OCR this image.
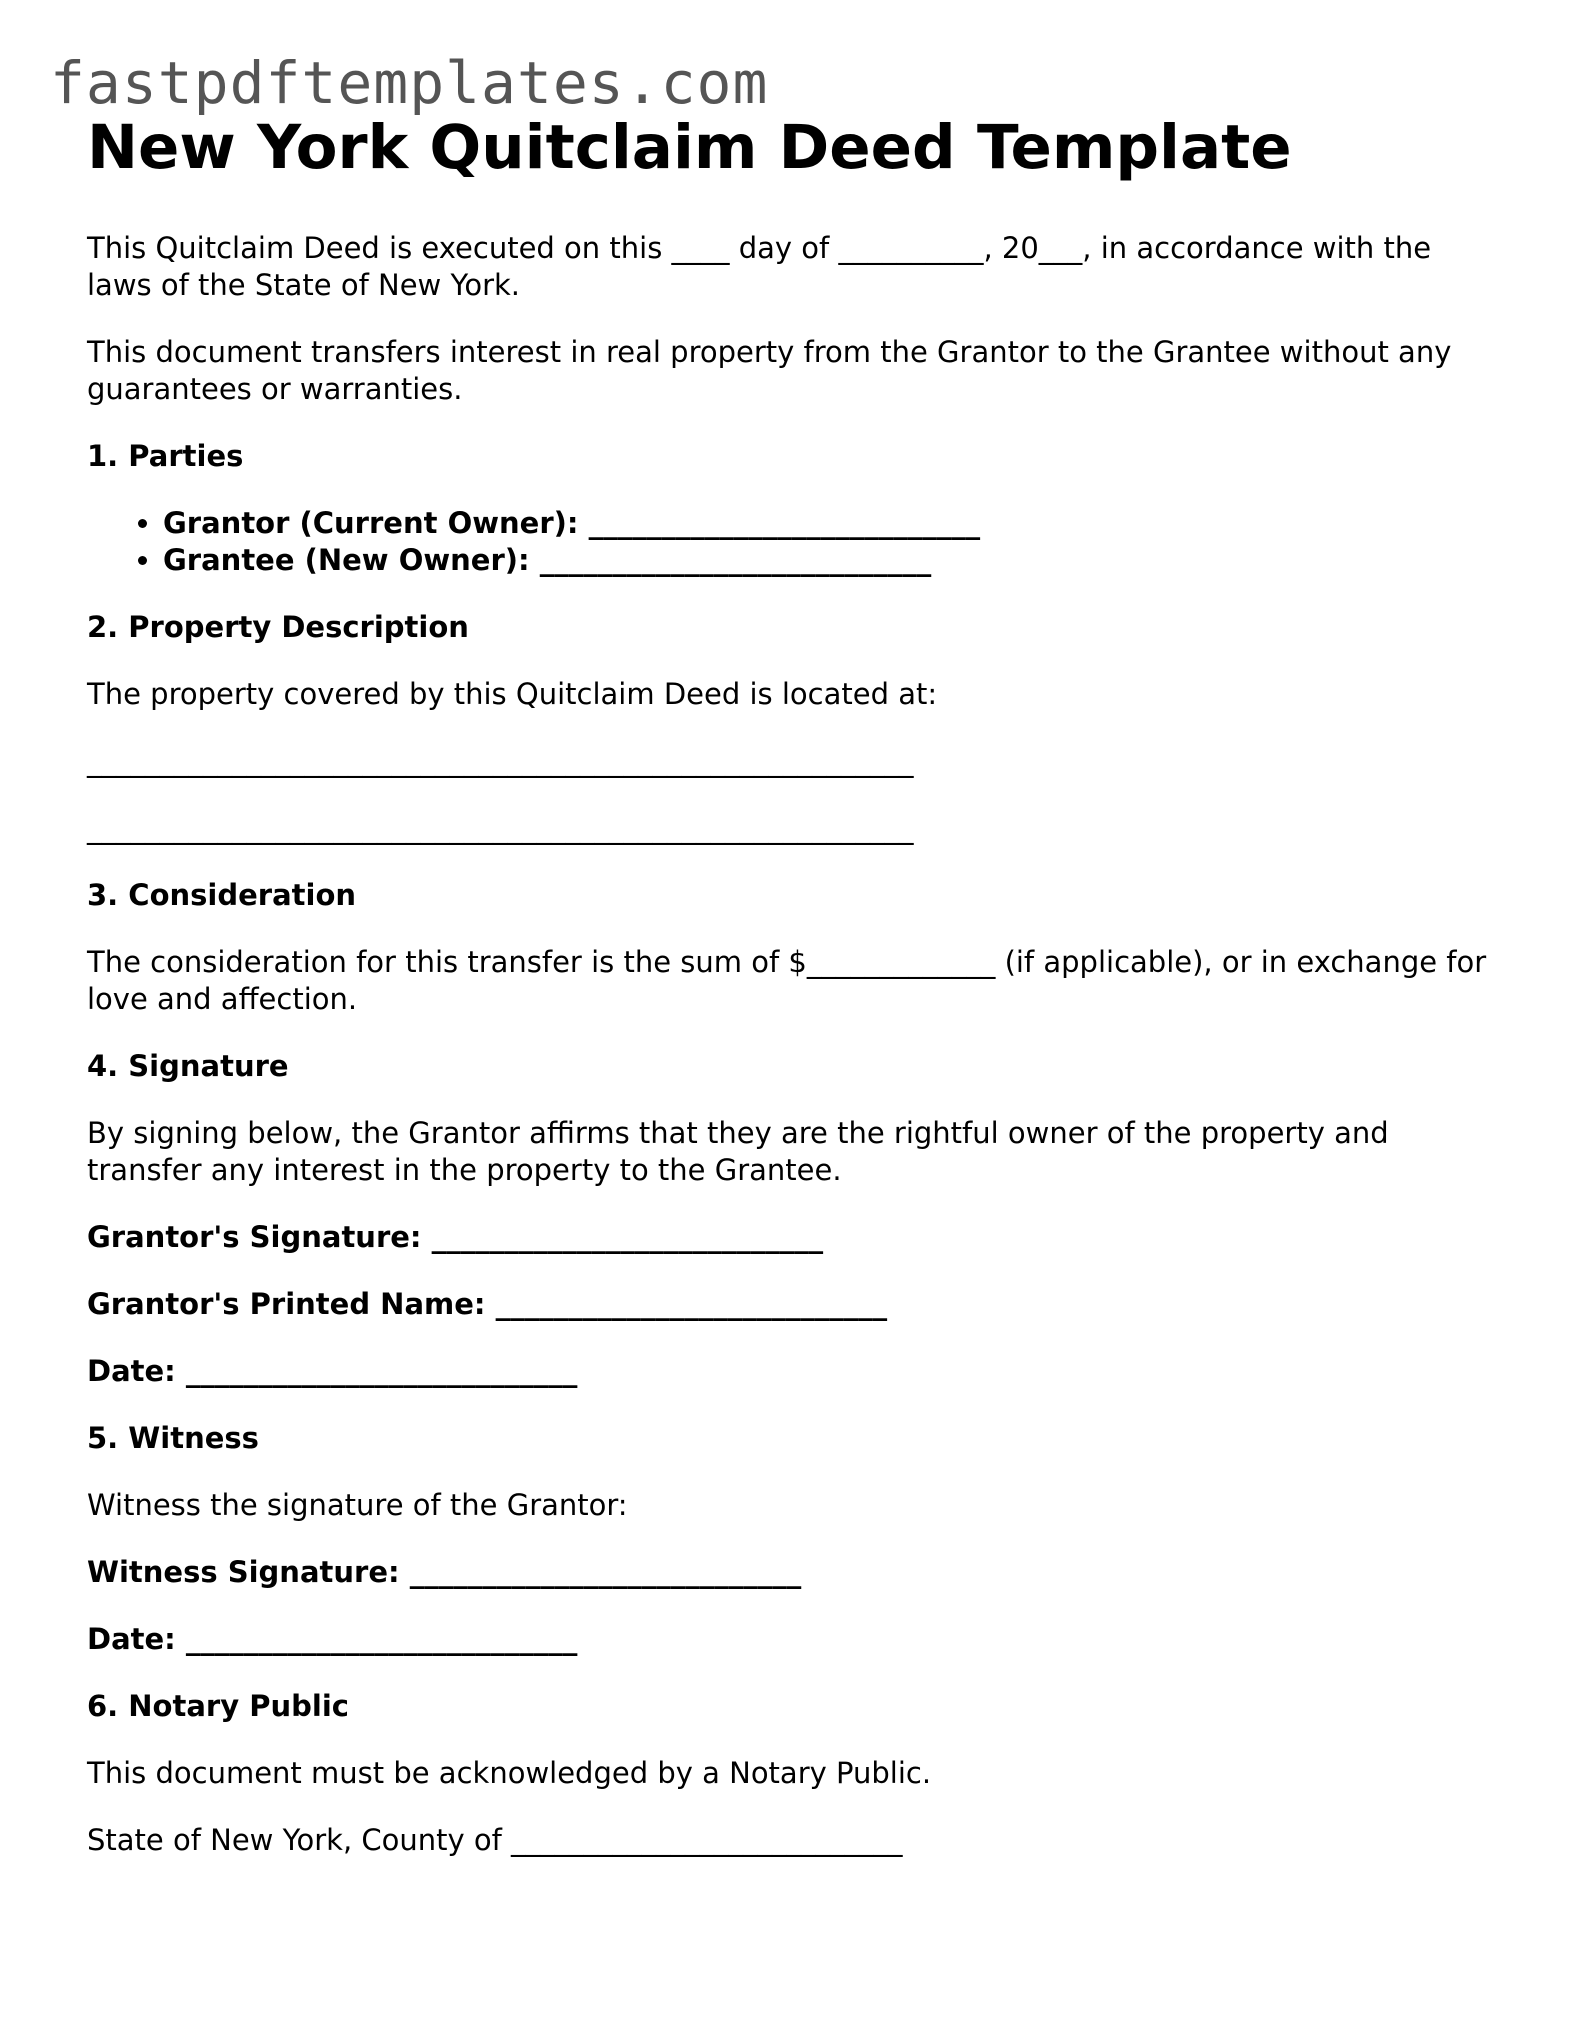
fastpdftemplates.com
New York Quitclaim Deed Template

This Quitclaim Deed is executed on this ____ day of __________, 20___, in accordance with the laws of the State of New York.

This document transfers interest in real property from the Grantor to the Grantee without any guarantees or warranties.

1. Parties

• Grantor (Current Owner): ___________________________
• Grantee (New Owner): ___________________________

2. Property Description

The property covered by this Quitclaim Deed is located at:

_________________________________________________________

_________________________________________________________

3. Consideration

The consideration for this transfer is the sum of $_____________ (if applicable), or in exchange for love and affection.

4. Signature

By signing below, the Grantor affirms that they are the rightful owner of the property and transfer any interest in the property to the Grantee.

Grantor's Signature: ___________________________

Grantor's Printed Name: ___________________________

Date: ___________________________

5. Witness

Witness the signature of the Grantor:

Witness Signature: ___________________________

Date: ___________________________

6. Notary Public

This document must be acknowledged by a Notary Public.

State of New York, County of ___________________________
